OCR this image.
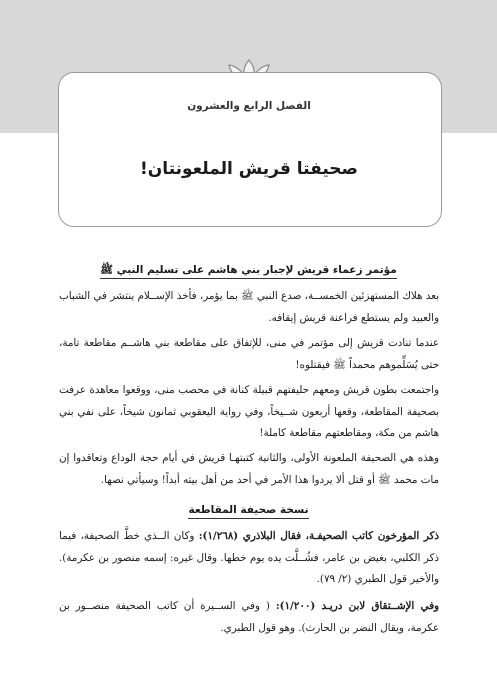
الفصل الرابع والعشرون
صحيفتا قريش الملعونتان!
مؤتمر زعماء قريش لإجبار بني هاشم على تسليم النبي ﷺ

بعد هلاك المستهزئين الخمســة، صدع النبي ﷺ بما يؤمر، فأخذ الإســلام ينتشر في الشباب والعبيد ولم يستطع فراعنة قريش إيقافه.

عندما تنادت قريش إلى مؤتمر في منى، للإتفاق على مقاطعة بني هاشــم مقاطعة تامة، حتى يُسَلِّموهم محمداً ﷺ فيقتلوه!

واجتمعت بطون قريش ومعهم حليفتهم قبيلة كنانة في محصب منى، ووقعوا معاهدة عرفت بصحيفة المقاطعة، وقعها أربعون شــيخاً، وفي رواية اليعقوبي ثمانون شيخاً، على نفي بني هاشم من مكة، ومقاطعتهم مقاطعة كاملة!

وهذه هي الصحيفة الملعونة الأولى، والثانية كتبتهـا قريش في أيام حجة الوداع وتعاقدوا إن مات محمد ﷺ أو قتل ألا يردوا هذا الأمر في أحد من أهل بيته أبداً! وسيأتي نصها.

نسخة صحيفة المقاطعة

ذكر المؤرخون كاتب الصحيفـة، فقال البلاذري (١/٢٦٨): وكان الــذي خطَّ الصحيفة، فيما ذكر الكلبي، بغيض بن عامر، فشُــلَّت يده يوم خطها. وقال غيره: إسمه منصور بن عكرمة). والأخير قول الطبري (٢/ ٧٩).

وفي الإشــتقاق لابن دريـد (١/٢٠٠): ( وفي الســيرة أن كاتب الصحيفة منصــور بن عكرمة، ويقال النضر بن الحارث). وهو قول الطبري.
